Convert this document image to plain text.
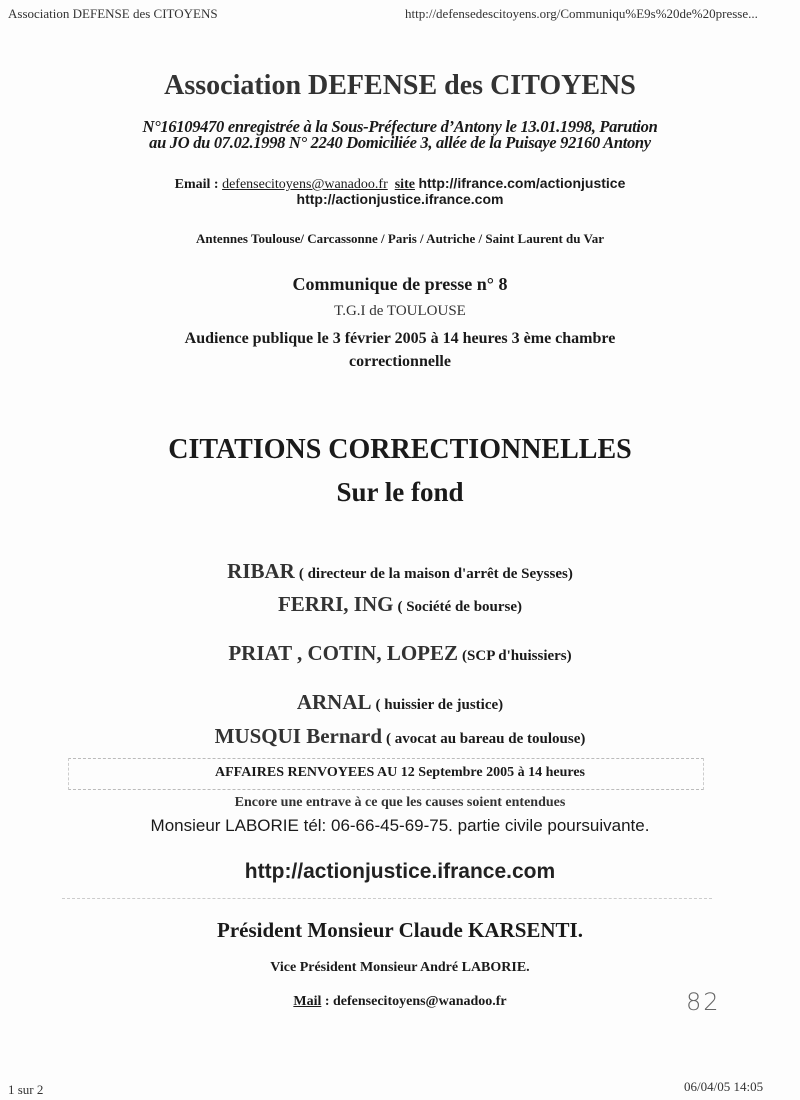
Association DEFENSE des CITOYENS	http://defensedescitoyens.org/Communiqu%E9s%20de%20presse...
Association DEFENSE des CITOYENS
N°16109470 enregistrée à la Sous-Préfecture d’Antony le 13.01.1998, Parution
au JO du 07.02.1998 N° 2240 Domiciliée 3, allée de la Puisaye 92160 Antony
Email : defensecitoyens@wanadoo.fr site http://ifrance.com/actionjustice
http://actionjustice.ifrance.com
Antennes Toulouse/ Carcassonne / Paris / Autriche / Saint Laurent du Var
Communique de presse n° 8
T.G.I de TOULOUSE
Audience publique le 3 février 2005 à 14 heures 3 ème chambre
correctionnelle
CITATIONS CORRECTIONNELLES
Sur le fond
RIBAR ( directeur de la maison d'arrêt de Seysses)
FERRI, ING ( Société de bourse)
PRIAT , COTIN, LOPEZ (SCP d'huissiers)
ARNAL ( huissier de justice)
MUSQUI Bernard ( avocat au bareau de toulouse)
AFFAIRES RENVOYEES AU 12 Septembre 2005 à 14 heures
Encore une entrave à ce que les causes soient entendues
Monsieur LABORIE tél: 06-66-45-69-75. partie civile poursuivante.
http://actionjustice.ifrance.com
Président Monsieur Claude KARSENTI.
Vice Président Monsieur André LABORIE.
Mail : defensecitoyens@wanadoo.fr	82
1 sur 2	06/04/05 14:05
